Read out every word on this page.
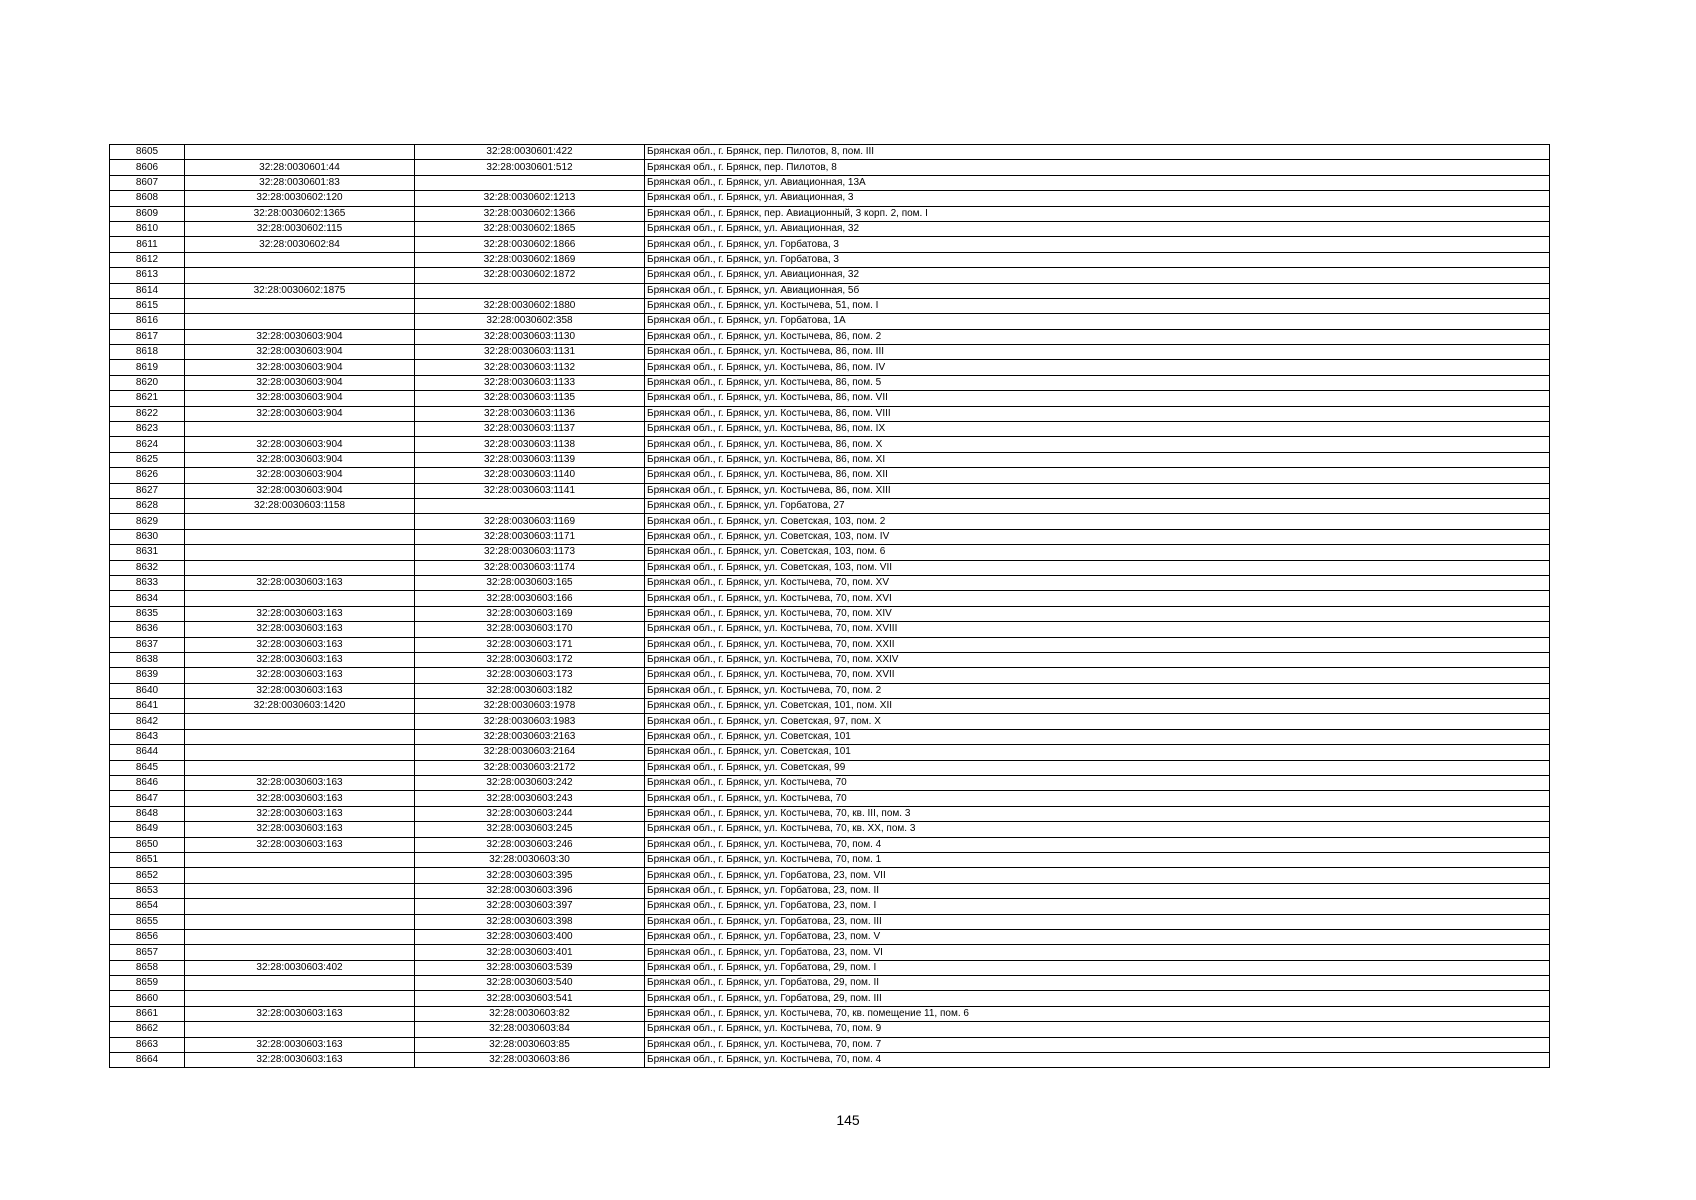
8605		32:28:0030601:422	Брянская обл., г. Брянск, пер. Пилотов, 8, пом. III
8606	32:28:0030601:44	32:28:0030601:512	Брянская обл., г. Брянск, пер. Пилотов, 8
8607	32:28:0030601:83		Брянская обл., г. Брянск, ул. Авиационная, 13А
8608	32:28:0030602:120	32:28:0030602:1213	Брянская обл., г. Брянск, ул. Авиационная, 3
8609	32:28:0030602:1365	32:28:0030602:1366	Брянская обл., г. Брянск, пер. Авиационный, 3 корп. 2, пом. I
8610	32:28:0030602:115	32:28:0030602:1865	Брянская обл., г. Брянск, ул. Авиационная, 32
8611	32:28:0030602:84	32:28:0030602:1866	Брянская обл., г. Брянск, ул. Горбатова, 3
8612		32:28:0030602:1869	Брянская обл., г. Брянск, ул. Горбатова, 3
8613		32:28:0030602:1872	Брянская обл., г. Брянск, ул. Авиационная, 32
8614	32:28:0030602:1875		Брянская обл., г. Брянск, ул. Авиационная, 5б
8615		32:28:0030602:1880	Брянская обл., г. Брянск, ул. Костычева, 51, пом. I
8616		32:28:0030602:358	Брянская обл., г. Брянск, ул. Горбатова, 1А
8617	32:28:0030603:904	32:28:0030603:1130	Брянская обл., г. Брянск, ул. Костычева, 86, пом. 2
8618	32:28:0030603:904	32:28:0030603:1131	Брянская обл., г. Брянск, ул. Костычева, 86, пом. III
8619	32:28:0030603:904	32:28:0030603:1132	Брянская обл., г. Брянск, ул. Костычева, 86, пом. IV
8620	32:28:0030603:904	32:28:0030603:1133	Брянская обл., г. Брянск, ул. Костычева, 86, пом. 5
8621	32:28:0030603:904	32:28:0030603:1135	Брянская обл., г. Брянск, ул. Костычева, 86, пом. VII
8622	32:28:0030603:904	32:28:0030603:1136	Брянская обл., г. Брянск, ул. Костычева, 86, пом. VIII
8623		32:28:0030603:1137	Брянская обл., г. Брянск, ул. Костычева, 86, пом. IX
8624	32:28:0030603:904	32:28:0030603:1138	Брянская обл., г. Брянск, ул. Костычева, 86, пом. X
8625	32:28:0030603:904	32:28:0030603:1139	Брянская обл., г. Брянск, ул. Костычева, 86, пом. XI
8626	32:28:0030603:904	32:28:0030603:1140	Брянская обл., г. Брянск, ул. Костычева, 86, пом. XII
8627	32:28:0030603:904	32:28:0030603:1141	Брянская обл., г. Брянск, ул. Костычева, 86, пом. XIII
8628	32:28:0030603:1158		Брянская обл., г. Брянск, ул. Горбатова, 27
8629		32:28:0030603:1169	Брянская обл., г. Брянск, ул. Советская, 103, пом. 2
8630		32:28:0030603:1171	Брянская обл., г. Брянск, ул. Советская, 103, пом. IV
8631		32:28:0030603:1173	Брянская обл., г. Брянск, ул. Советская, 103, пом. 6
8632		32:28:0030603:1174	Брянская обл., г. Брянск, ул. Советская, 103, пом. VII
8633	32:28:0030603:163	32:28:0030603:165	Брянская обл., г. Брянск, ул. Костычева, 70, пом. XV
8634		32:28:0030603:166	Брянская обл., г. Брянск, ул. Костычева, 70, пом. XVI
8635	32:28:0030603:163	32:28:0030603:169	Брянская обл., г. Брянск, ул. Костычева, 70, пом. XIV
8636	32:28:0030603:163	32:28:0030603:170	Брянская обл., г. Брянск, ул. Костычева, 70, пом. XVIII
8637	32:28:0030603:163	32:28:0030603:171	Брянская обл., г. Брянск, ул. Костычева, 70, пом. XXII
8638	32:28:0030603:163	32:28:0030603:172	Брянская обл., г. Брянск, ул. Костычева, 70, пом. XXIV
8639	32:28:0030603:163	32:28:0030603:173	Брянская обл., г. Брянск, ул. Костычева, 70, пом. XVII
8640	32:28:0030603:163	32:28:0030603:182	Брянская обл., г. Брянск, ул. Костычева, 70, пом. 2
8641	32:28:0030603:1420	32:28:0030603:1978	Брянская обл., г. Брянск, ул. Советская, 101, пом. XII
8642		32:28:0030603:1983	Брянская обл., г. Брянск, ул. Советская, 97, пом. X
8643		32:28:0030603:2163	Брянская обл., г. Брянск, ул. Советская, 101
8644		32:28:0030603:2164	Брянская обл., г. Брянск, ул. Советская, 101
8645		32:28:0030603:2172	Брянская обл., г. Брянск, ул. Советская, 99
8646	32:28:0030603:163	32:28:0030603:242	Брянская обл., г. Брянск, ул. Костычева, 70
8647	32:28:0030603:163	32:28:0030603:243	Брянская обл., г. Брянск, ул. Костычева, 70
8648	32:28:0030603:163	32:28:0030603:244	Брянская обл., г. Брянск, ул. Костычева, 70, кв. III, пом. 3
8649	32:28:0030603:163	32:28:0030603:245	Брянская обл., г. Брянск, ул. Костычева, 70, кв. XX, пом. 3
8650	32:28:0030603:163	32:28:0030603:246	Брянская обл., г. Брянск, ул. Костычева, 70, пом. 4
8651		32:28:0030603:30	Брянская обл., г. Брянск, ул. Костычева, 70, пом. 1
8652		32:28:0030603:395	Брянская обл., г. Брянск, ул. Горбатова, 23, пом. VII
8653		32:28:0030603:396	Брянская обл., г. Брянск, ул. Горбатова, 23, пом. II
8654		32:28:0030603:397	Брянская обл., г. Брянск, ул. Горбатова, 23, пом. I
8655		32:28:0030603:398	Брянская обл., г. Брянск, ул. Горбатова, 23, пом. III
8656		32:28:0030603:400	Брянская обл., г. Брянск, ул. Горбатова, 23, пом. V
8657		32:28:0030603:401	Брянская обл., г. Брянск, ул. Горбатова, 23, пом. VI
8658	32:28:0030603:402	32:28:0030603:539	Брянская обл., г. Брянск, ул. Горбатова, 29, пом. I
8659		32:28:0030603:540	Брянская обл., г. Брянск, ул. Горбатова, 29, пом. II
8660		32:28:0030603:541	Брянская обл., г. Брянск, ул. Горбатова, 29, пом. III
8661	32:28:0030603:163	32:28:0030603:82	Брянская обл., г. Брянск, ул. Костычева, 70, кв. помещение 11, пом. 6
8662		32:28:0030603:84	Брянская обл., г. Брянск, ул. Костычева, 70, пом. 9
8663	32:28:0030603:163	32:28:0030603:85	Брянская обл., г. Брянск, ул. Костычева, 70, пом. 7
8664	32:28:0030603:163	32:28:0030603:86	Брянская обл., г. Брянск, ул. Костычева, 70, пом. 4
145
